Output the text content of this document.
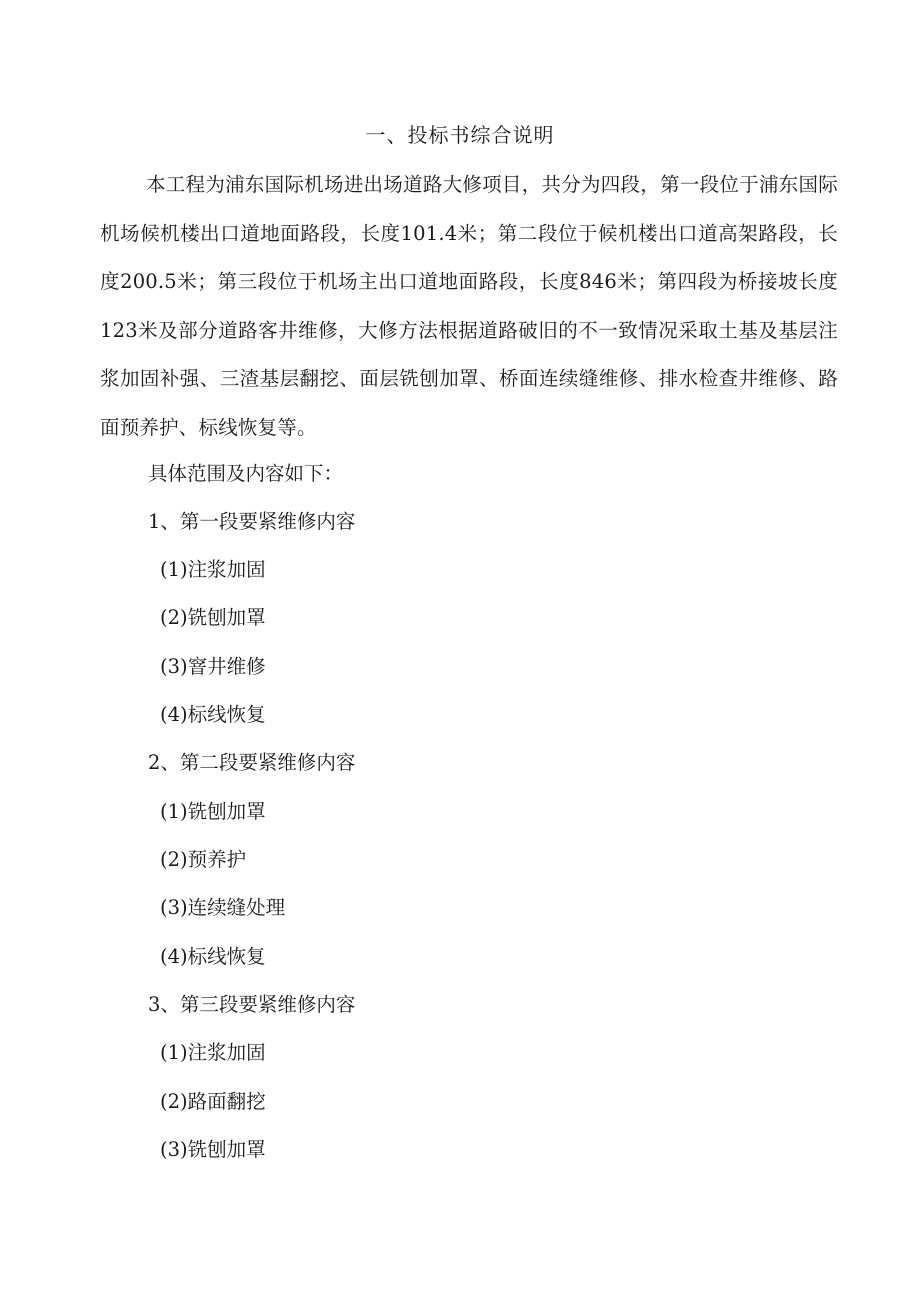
一、投标书综合说明
本工程为浦东国际机场进出场道路大修项目，共分为四段，第一段位于浦东国际机场候机楼出口道地面路段，长度101.4米；第二段位于候机楼出口道高架路段，长度200.5米；第三段位于机场主出口道地面路段，长度846米；第四段为桥接坡长度123米及部分道路客井维修，大修方法根据道路破旧的不一致情况采取土基及基层注浆加固补强、三渣基层翻挖、面层铣刨加罩、桥面连续缝维修、排水检查井维修、路面预养护、标线恢复等。
具体范围及内容如下：
1、第一段要紧维修内容
(1)注浆加固
(2)铣刨加罩
(3)窨井维修
(4)标线恢复
2、第二段要紧维修内容
(1)铣刨加罩
(2)预养护
(3)连续缝处理
(4)标线恢复
3、第三段要紧维修内容
(1)注浆加固
(2)路面翻挖
(3)铣刨加罩
